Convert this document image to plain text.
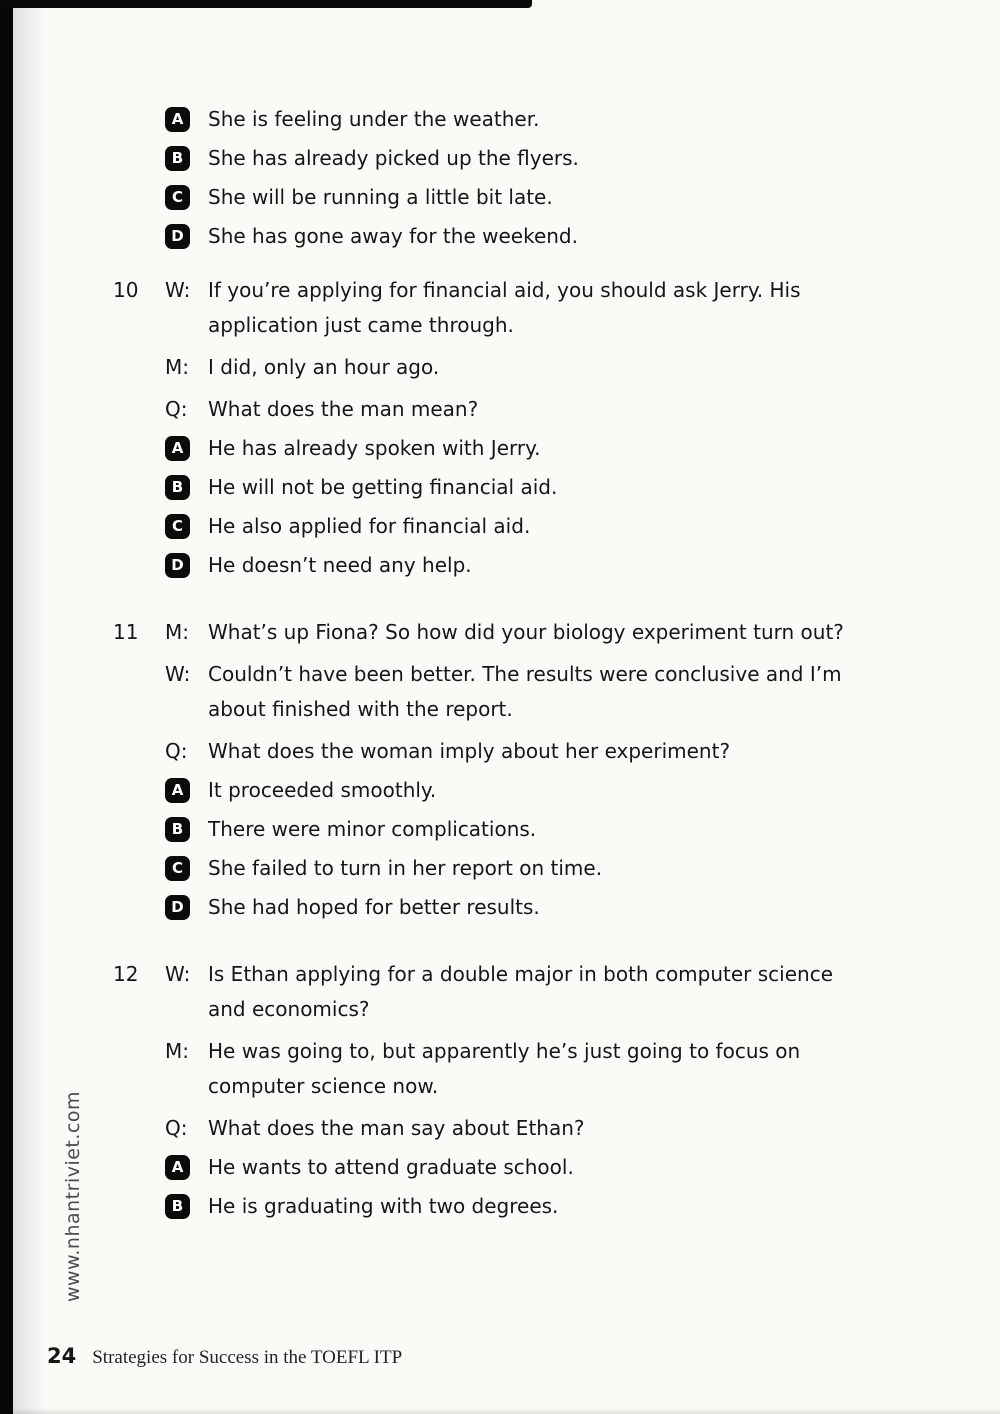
www.nhantriviet.com
A	She is feeling under the weather.
B	She has already picked up the flyers.
C	She will be running a little bit late.
D	She has gone away for the weekend.
10	W: If you’re applying for financial aid, you should ask Jerry. His application just came through.
M: I did, only an hour ago.
Q:	What does the man mean?
A	He has already spoken with Jerry.
B	He will not be getting financial aid.
C	He also applied for financial aid.
D	He doesn’t need any help.
11	M: What’s up Fiona? So how did your biology experiment turn out?
W: Couldn’t have been better. The results were conclusive and I’m about finished with the report.
Q:	What does the woman imply about her experiment?
A	It proceeded smoothly.
B	There were minor complications.
C	She failed to turn in her report on time.
D	She had hoped for better results.
12	W: Is Ethan applying for a double major in both computer science and economics?
M: He was going to, but apparently he’s just going to focus on computer science now.
Q:	What does the man say about Ethan?
A	He wants to attend graduate school.
B	He is graduating with two degrees.
24 Strategies for Success in the TOEFL ITP
